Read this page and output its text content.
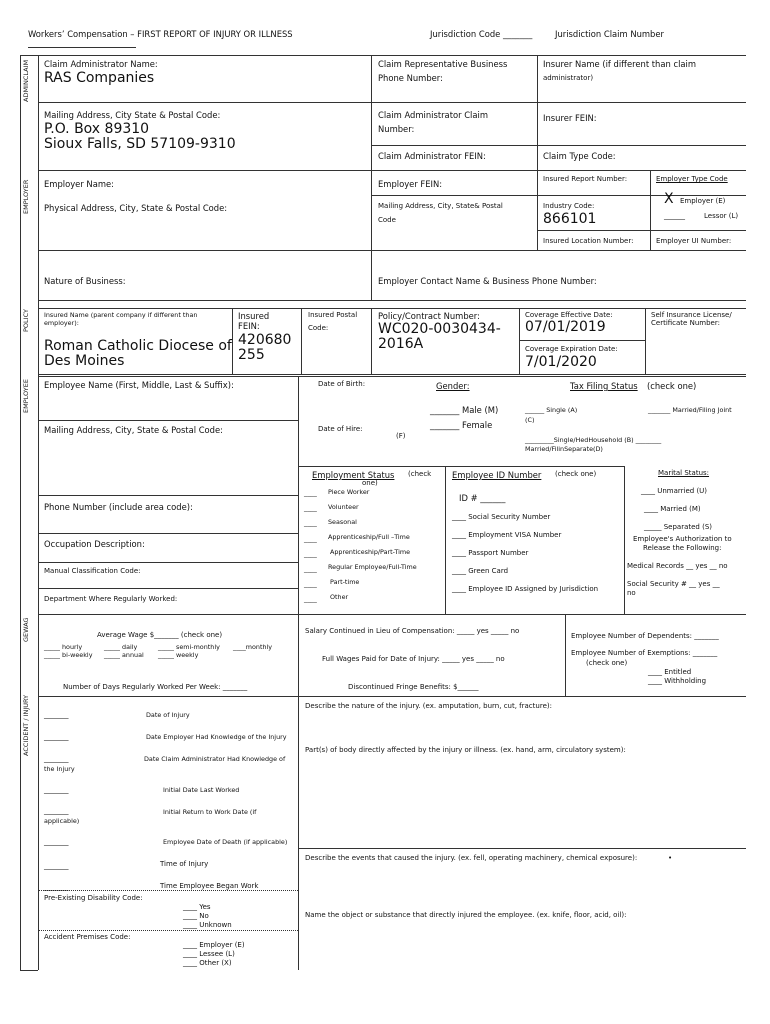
Workers’ Compensation – FIRST REPORT OF INJURY OR ILLNESS	Jurisdiction Code _______	Jurisdiction Claim Number
ADMINCLAIM
EMPLOYER
POLICY
EMPLOYEE
GEWAG
ACCIDENT / INJURY
Claim Administrator Name:
RAS Companies
Mailing Address, City State & Postal Code:
P.O. Box 89310
Sioux Falls, SD 57109-9310
Claim Representative Business
Phone Number:
Claim Administrator Claim
Number:
Claim Administrator FEIN:
Insurer Name (if different than claim
administrator)
Insurer FEIN:
Claim Type Code:
Employer Name:
Physical Address, City, State & Postal Code:
Employer FEIN:
Mailing Address, City, State& Postal
Code
Insured Report Number:
Industry Code:
866101
Insured Location Number:
Employer Type Code
X Employer (E)
______	Lessor (L)
Employer UI Number:
Nature of Business:	Employer Contact Name & Business Phone Number:
Insured Name (parent company if different than
employer):
Roman Catholic Diocese of
Des Moines
Insured
FEIN:
420680
255
Insured Postal
Code:
Policy/Contract Number:
WC020-0030434-
2016A
Coverage Effective Date:
07/01/2019
Coverage Expiration Date:
7/01/2020
Self Insurance License/
Certificate Number:
Employee Name (First, Middle, Last & Suffix):	Date of Birth:	Gender:
_______ Male (M)
_______ Female
(F)
Tax Filing Status (check one)
______ Single (A)	_______ Married/Filing Joint
(C)
_________Single/HedHousehold (B) ________
Married/FilinSeparate(D)
Mailing Address, City, State & Postal Code:	Date of Hire:
Phone Number (include area code):
Occupation Description:
Manual Classification Code:
Department Where Regularly Worked:
Employment Status (check
one)
____ Piece Worker
____ Volunteer
____ Seasonal
____ Apprenticeship/Full –Time
____ Apprenticeship/Part-Time
____ Regular Employee/Full-Time
____ Part-time
____ Other
Employee ID Number (check one)
ID # ______
____ Social Security Number
____ Employment VISA Number
____ Passport Number
____ Green Card
____ Employee ID Assigned by Jurisdiction
Marital Status:
____ Unmarried (U)
____ Married (M)
_____ Separated (S)
Employee's Authorization to
Release the Following:
Medical Records __ yes __ no
Social Security # __ yes __
no
Average Wage $_______ (check one)
_____ hourly	_____ daily	_____ semi-monthly ____monthly
_____ bi-weekly _____ annual _____ weekly
Number of Days Regularly Worked Per Week: _______
Salary Continued in Lieu of Compensation: _____ yes _____ no
Full Wages Paid for Date of Injury: _____ yes _____ no
Discontinued Fringe Benefits: $______
Employee Number of Dependents: _______
Employee Number of Exemptions: _______
(check one)
____ Entitled
____ Withholding
_______	Date of Injury
_______	Date Employer Had Knowledge of the Injury
_______	Date Claim Administrator Had Knowledge of
the Injury
_______	Initial Date Last Worked
_______	Initial Return to Work Date (if
applicable)
_______	Employee Date of Death (if applicable)
_______	Time of Injury
_______	Time Employee Began Work
Pre-Existing Disability Code:
____ Yes
____ No
____ Unknown
Accident Premises Code:
____ Employer (E)
____ Lessee (L)
____ Other (X)
Describe the nature of the injury. (ex. amputation, burn, cut, fracture):
Part(s) of body directly affected by the injury or illness. (ex. hand, arm, circulatory system):
Describe the events that caused the injury. (ex. fell, operating machinery, chemical exposure):	•
Name the object or substance that directly injured the employee. (ex. knife, floor, acid, oil):
